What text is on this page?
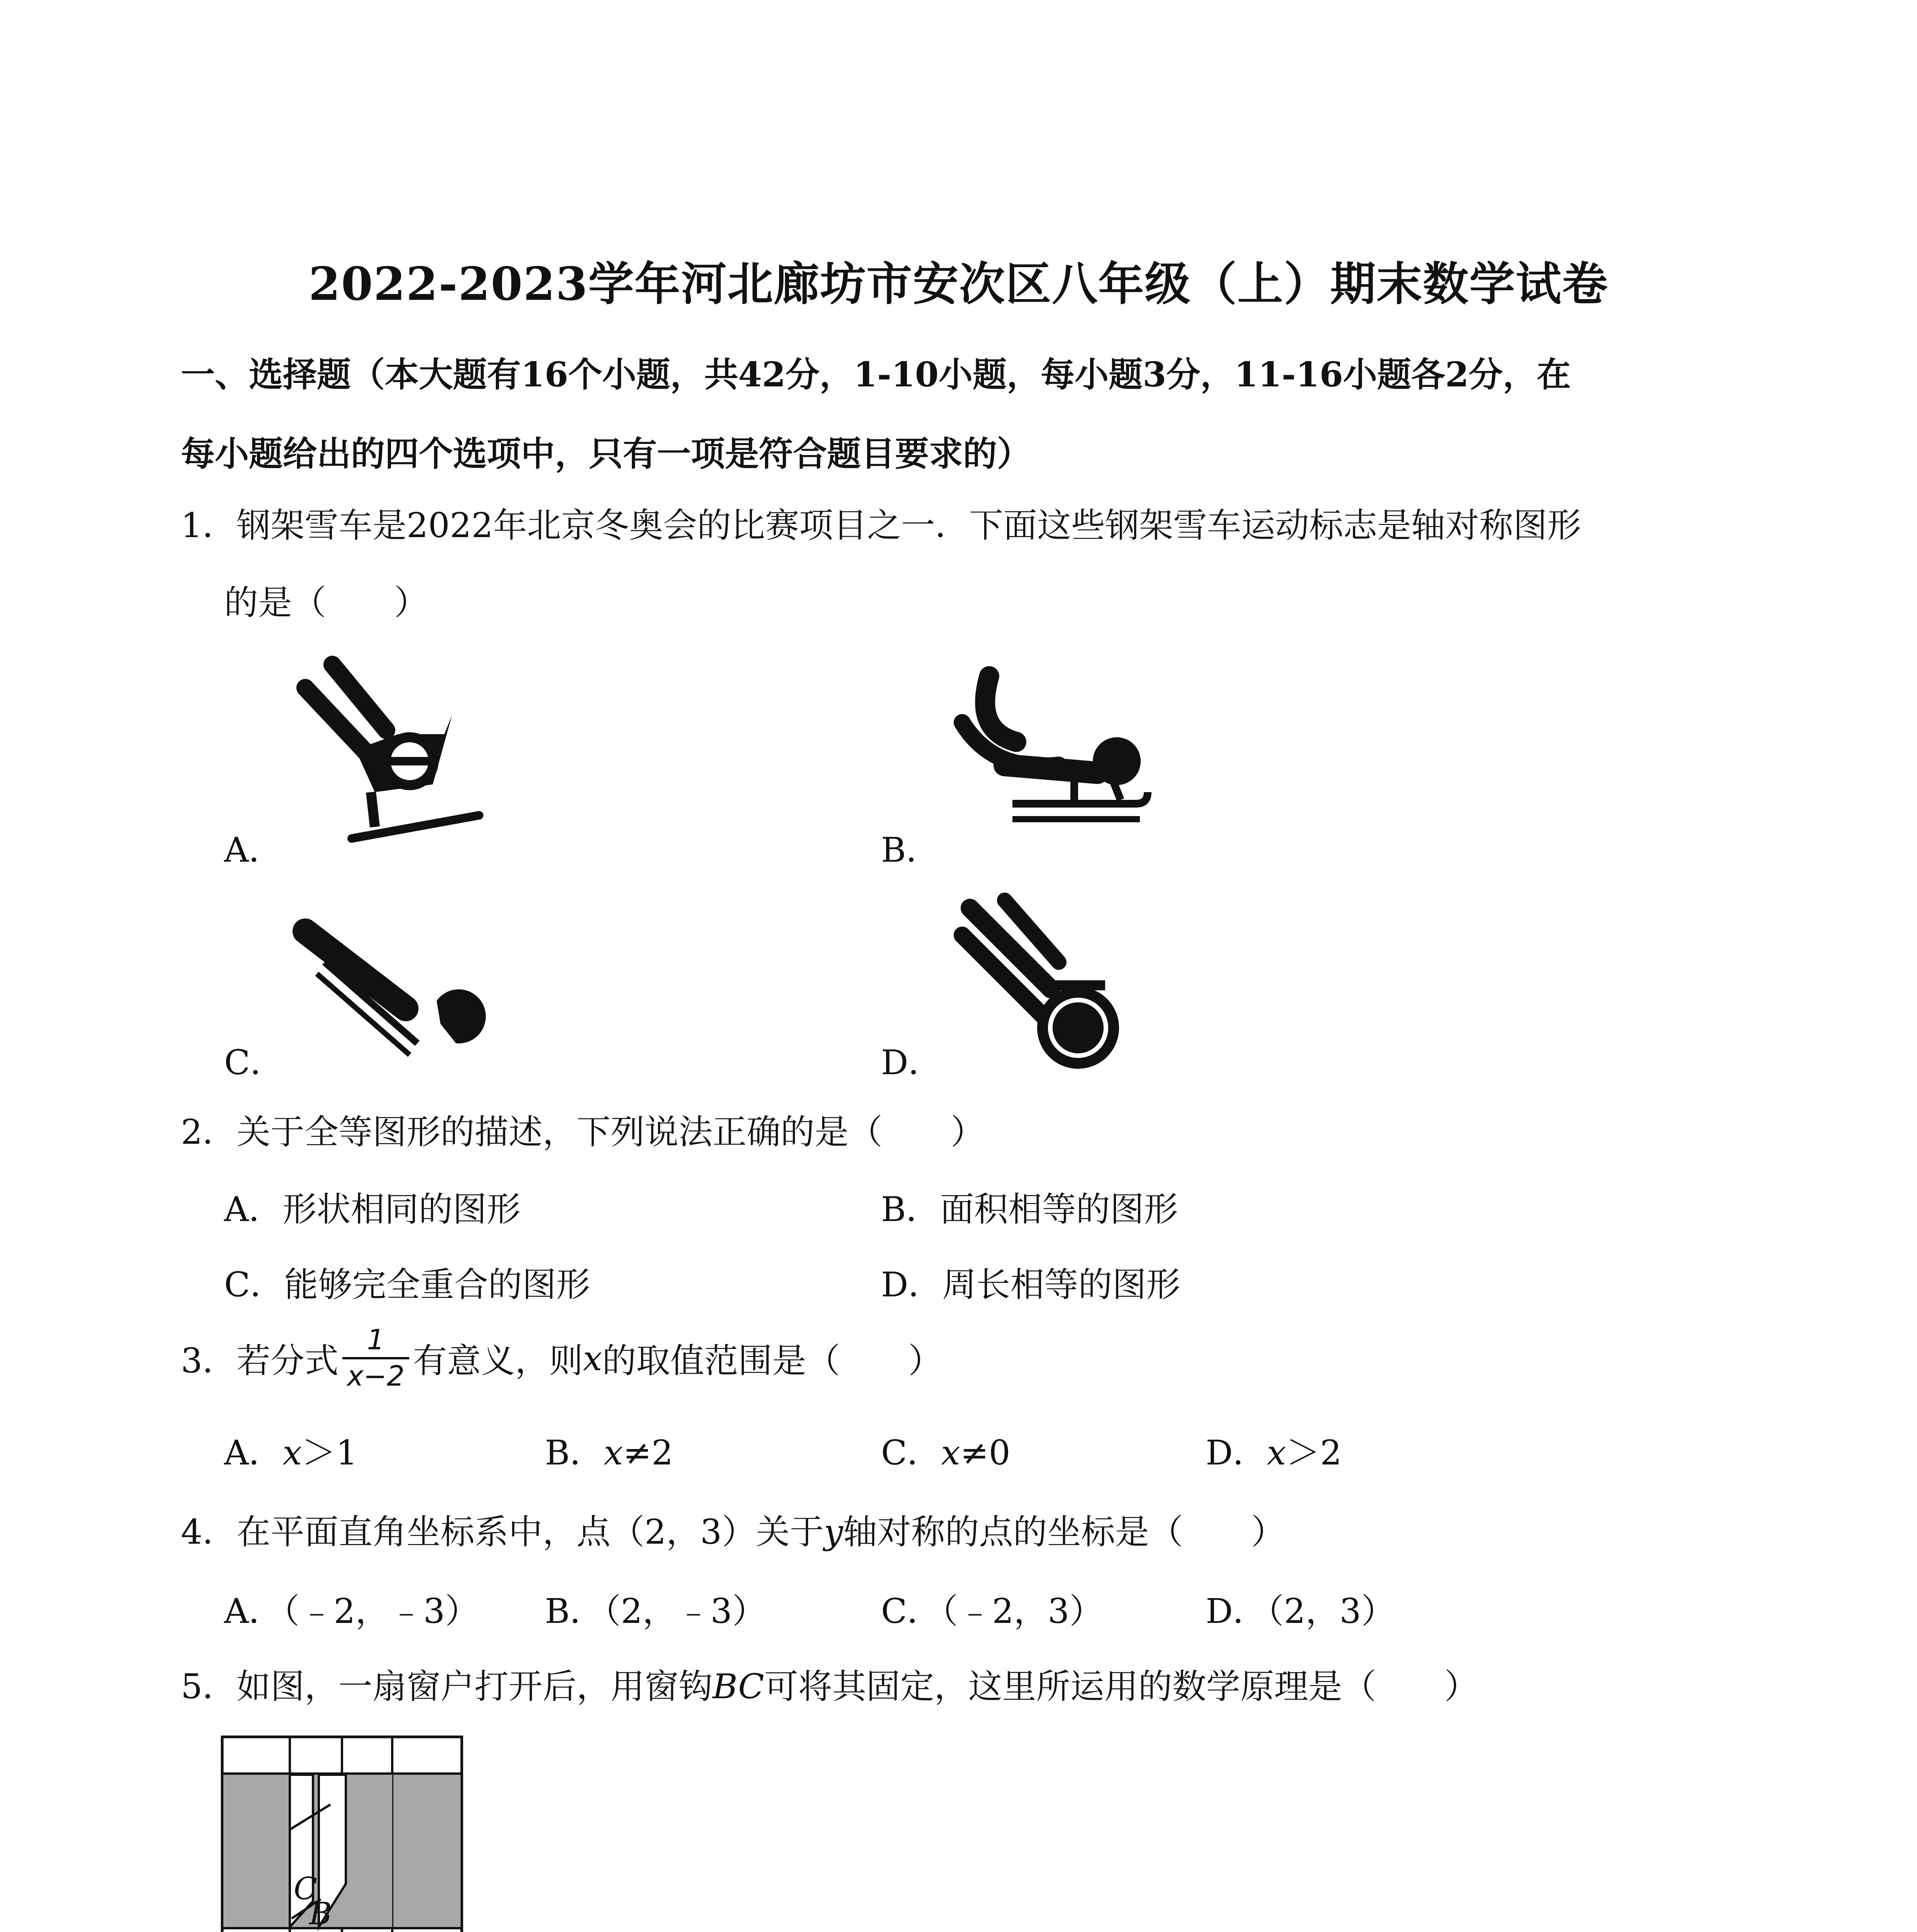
2022-2023学年河北廊坊市安次区八年级（上）期末数学试卷
一、选择题（本大题有16个小题，共42分，1-10小题，每小题3分，11-16小题各2分，在
每小题给出的四个选项中，只有一项是符合题目要求的）
1．钢架雪车是2022年北京冬奥会的比赛项目之一．下面这些钢架雪车运动标志是轴对称图形
的是（　　）
A．	B．
C．	D．
2．关于全等图形的描述，下列说法正确的是（　　）
A．形状相同的图形	B．面积相等的图形
C．能够完全重合的图形	D．周长相等的图形
3．若分式 $\frac{1}{x-2}$ 有意义，则 x 的取值范围是（　　）
A．x＞1	B．x≠2	C．x≠0	D．x＞2
4．在平面直角坐标系中，点（2，3）关于y轴对称的点的坐标是（　　）
A．（﹣2，﹣3） B．（2，﹣3）	C．（﹣2，3）	D．（2，3）
5．如图，一扇窗户打开后，用窗钩BC可将其固定，这里所运用的数学原理是（　　）
C
B
